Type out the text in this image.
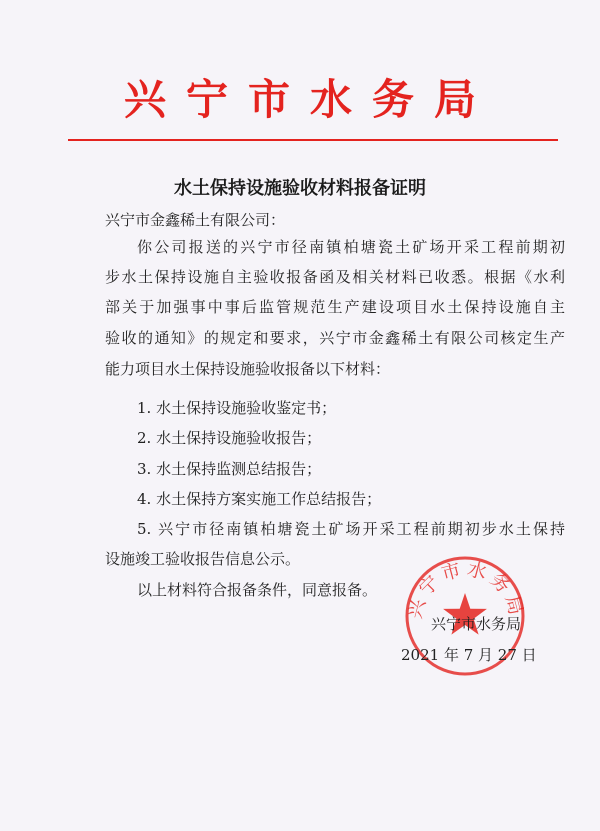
兴宁市水务局
水土保持设施验收材料报备证明
兴宁市金鑫稀土有限公司：
你公司报送的兴宁市径南镇柏塘瓷土矿场开采工程前期初
步水土保持设施自主验收报备函及相关材料已收悉。根据《水利
部关于加强事中事后监管规范生产建设项目水土保持设施自主
验收的通知》的规定和要求，兴宁市金鑫稀土有限公司核定生产
能力项目水土保持设施验收报备以下材料：
1. 水土保持设施验收鉴定书；
2. 水土保持设施验收报告；
3. 水土保持监测总结报告；
4. 水土保持方案实施工作总结报告；
5. 兴宁市径南镇柏塘瓷土矿场开采工程前期初步水土保持
设施竣工验收报告信息公示。
以上材料符合报备条件，同意报备。
兴宁市水务局
兴宁市水务局
2021 年 7 月 27 日
